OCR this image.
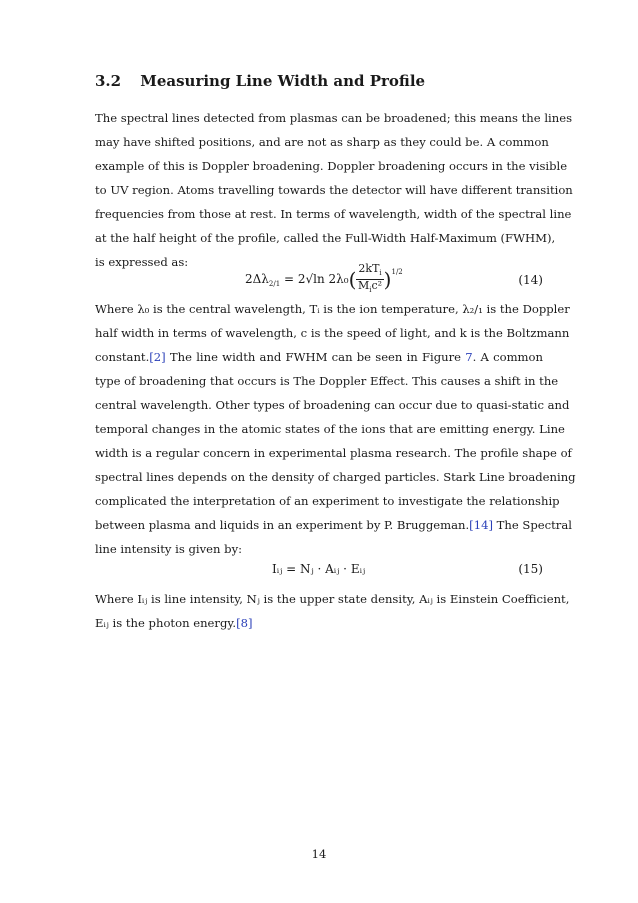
3.2 Measuring Line Width and Profile
The spectral lines detected from plasmas can be broadened; this means the lines
may have shifted positions, and are not as sharp as they could be. A common
example of this is Doppler broadening. Doppler broadening occurs in the visible
to UV region. Atoms travelling towards the detector will have different transition
frequencies from those at rest. In terms of wavelength, width of the spectral line
at the half height of the profile, called the Full-Width Half-Maximum (FWHM),
is expressed as:
$2\Delta\lambda_{2/1} = 2√\ln$ $2\lambda_0( \frac{2kT_i}{M_ic^2} )^{1/2}$
(14)
Where λ₀ is the central wavelength, Tᵢ is the ion temperature, λ₂/₁ is the Doppler
half width in terms of wavelength, c is the speed of light, and k is the Boltzmann
constant.[2] The line width and FWHM can be seen in Figure 7. A common
type of broadening that occurs is The Doppler Effect. This causes a shift in the
central wavelength. Other types of broadening can occur due to quasi-static and
temporal changes in the atomic states of the ions that are emitting energy. Line
width is a regular concern in experimental plasma research. The profile shape of
spectral lines depends on the density of charged particles. Stark Line broadening
complicated the interpretation of an experiment to investigate the relationship
between plasma and liquids in an experiment by P. Bruggeman.[14] The Spectral
line intensity is given by:
Iᵢⱼ = Nⱼ · Aᵢⱼ · Eᵢⱼ	(15)
Where Iᵢⱼ is line intensity, Nⱼ is the upper state density, Aᵢⱼ is Einstein Coefficient,
Eᵢⱼ is the photon energy.[8]
14
